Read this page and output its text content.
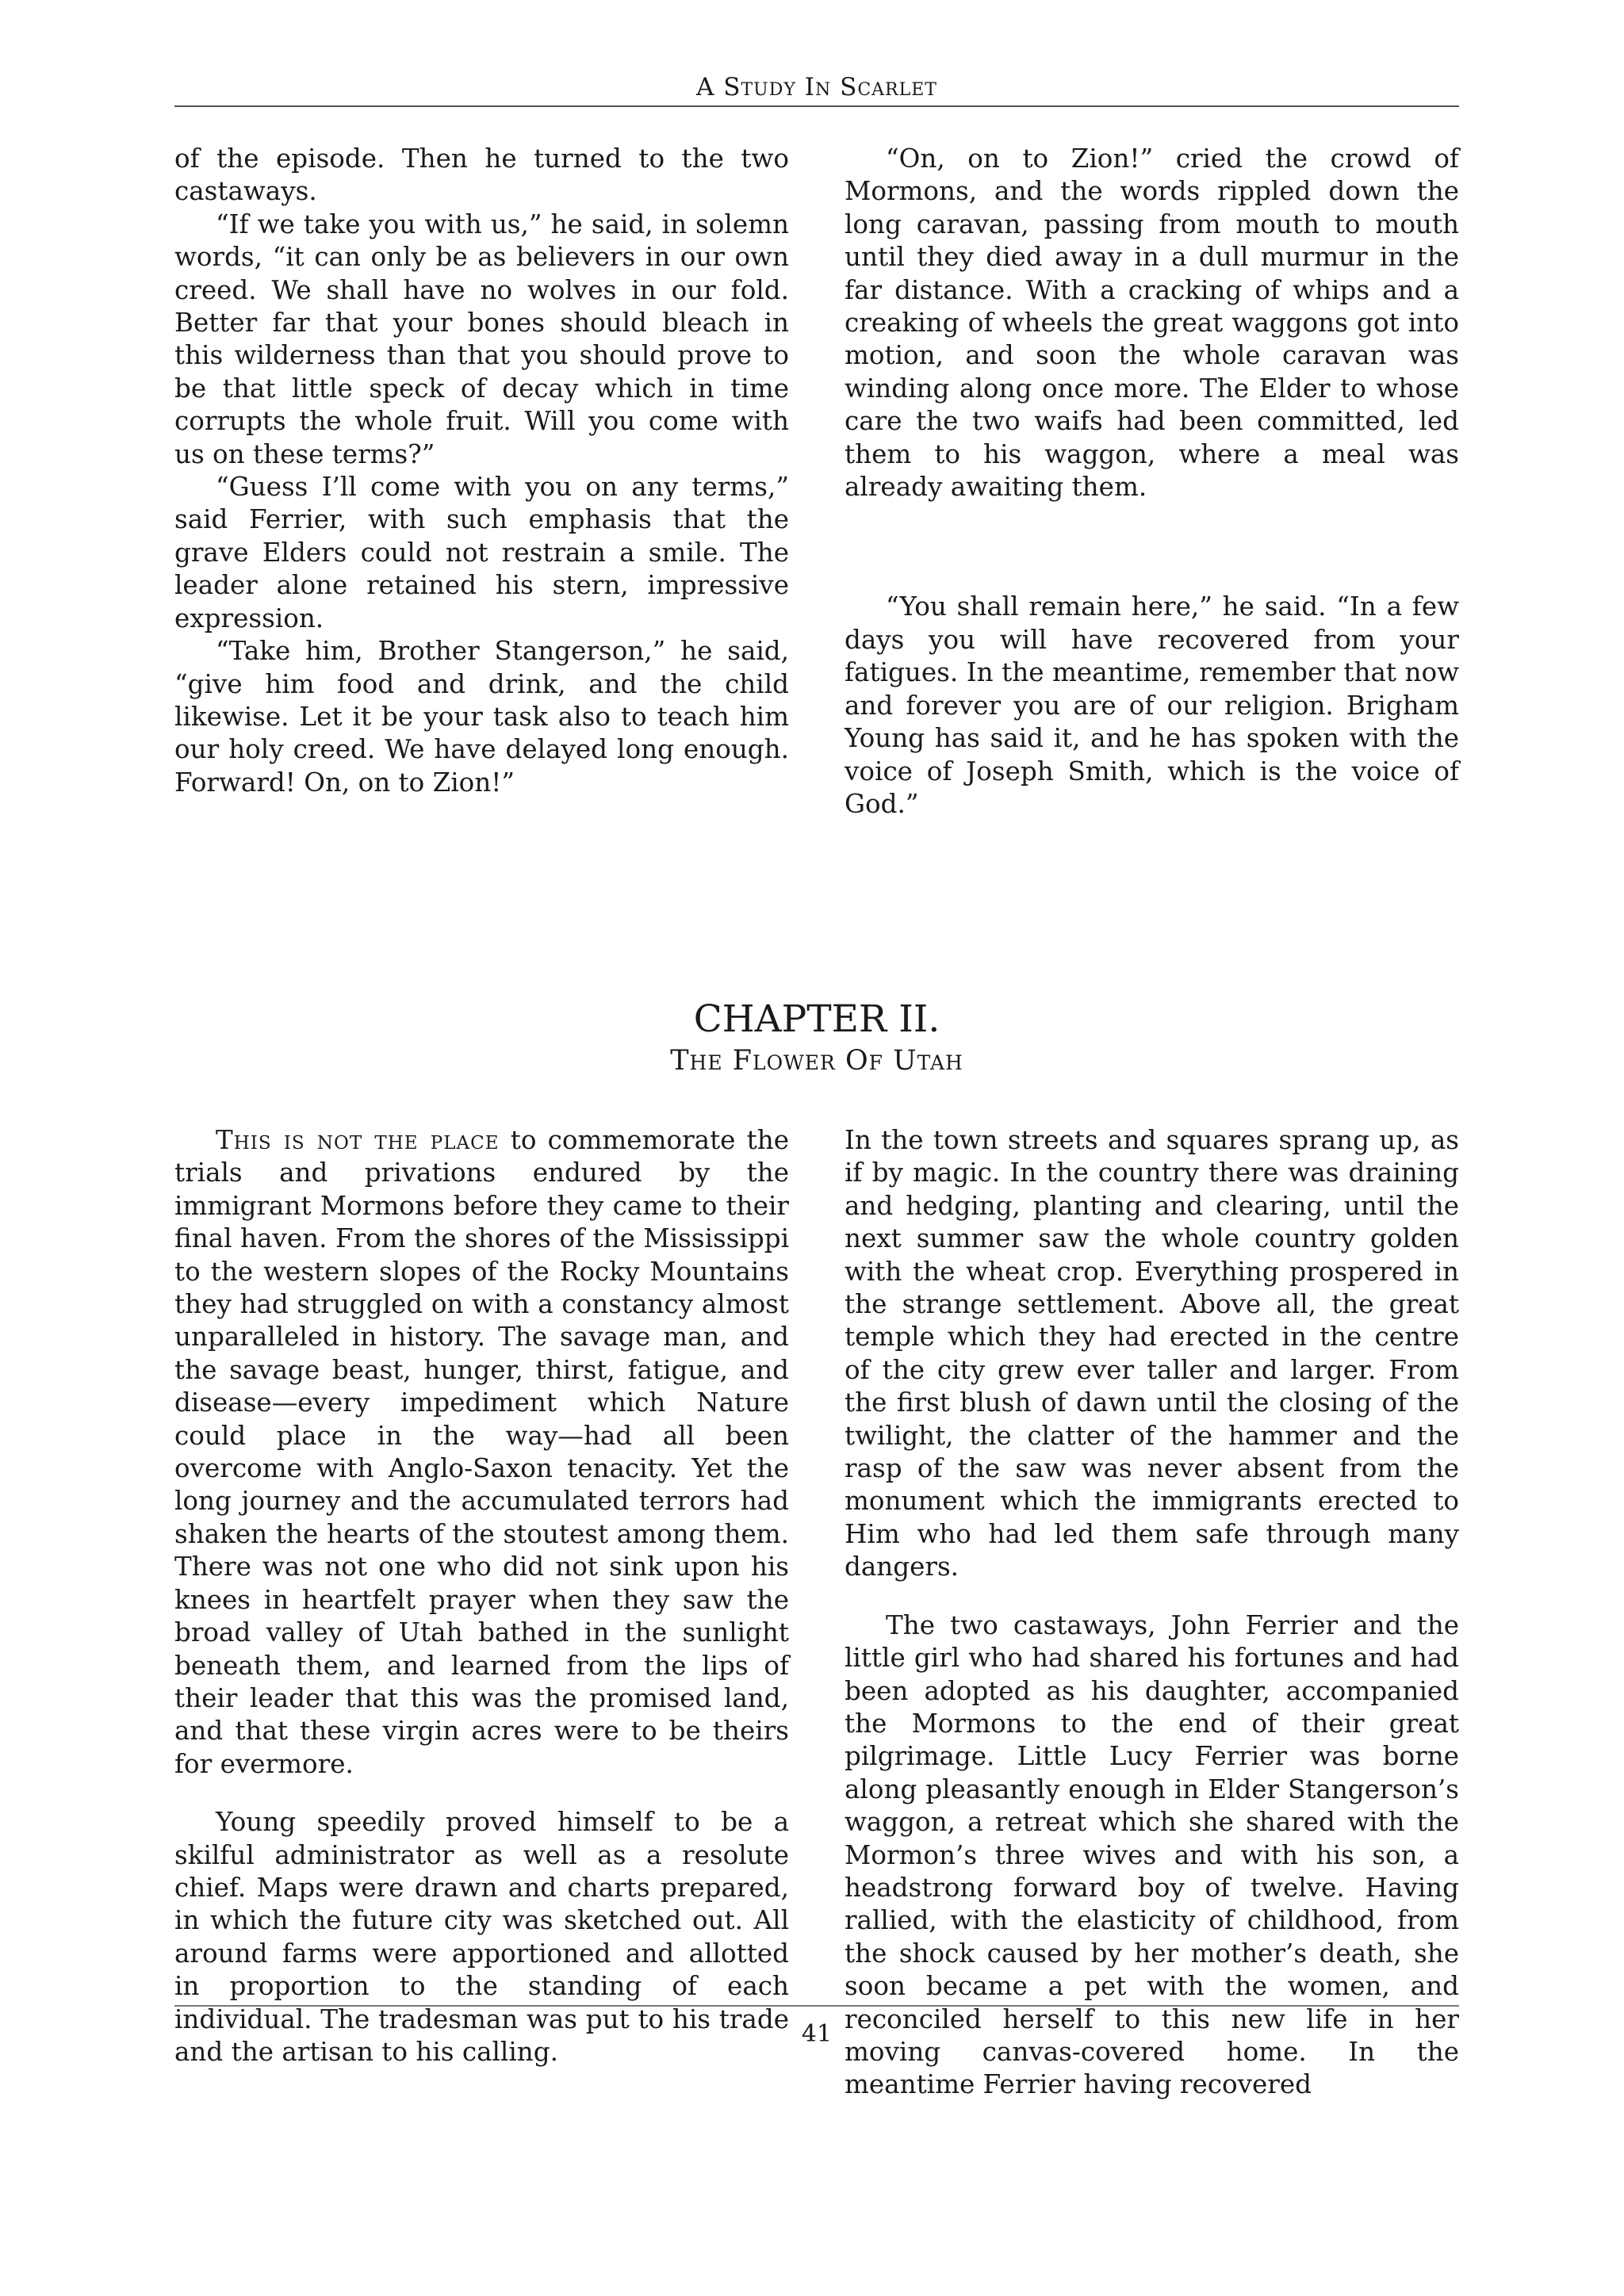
A Study In Scarlet

of the episode. Then he turned to the two castaways.

“If we take you with us,” he said, in solemn words, “it can only be as believers in our own creed. We shall have no wolves in our fold. Better far that your bones should bleach in this wilderness than that you should prove to be that little speck of decay which in time corrupts the whole fruit. Will you come with us on these terms?”

“Guess I’ll come with you on any terms,” said Ferrier, with such emphasis that the grave Elders could not restrain a smile. The leader alone retained his stern, impressive expression.

“Take him, Brother Stangerson,” he said, “give him food and drink, and the child likewise. Let it be your task also to teach him our holy creed. We have delayed long enough. Forward! On, on to Zion!”

“On, on to Zion!” cried the crowd of Mormons, and the words rippled down the long caravan, passing from mouth to mouth until they died away in a dull murmur in the far distance. With a cracking of whips and a creaking of wheels the great waggons got into motion, and soon the whole caravan was winding along once more. The Elder to whose care the two waifs had been committed, led them to his waggon, where a meal was already awaiting them.

“You shall remain here,” he said. “In a few days you will have recovered from your fatigues. In the meantime, remember that now and forever you are of our religion. Brigham Young has said it, and he has spoken with the voice of Joseph Smith, which is the voice of God.”

CHAPTER II.
The Flower Of Utah

This is not the place to commemorate the trials and privations endured by the immigrant Mormons before they came to their final haven. From the shores of the Mississippi to the western slopes of the Rocky Mountains they had struggled on with a constancy almost unparalleled in history. The savage man, and the savage beast, hunger, thirst, fatigue, and disease—every impediment which Nature could place in the way—had all been overcome with Anglo-Saxon tenacity. Yet the long journey and the accumulated terrors had shaken the hearts of the stoutest among them. There was not one who did not sink upon his knees in heartfelt prayer when they saw the broad valley of Utah bathed in the sunlight beneath them, and learned from the lips of their leader that this was the promised land, and that these virgin acres were to be theirs for evermore.

Young speedily proved himself to be a skilful administrator as well as a resolute chief. Maps were drawn and charts prepared, in which the future city was sketched out. All around farms were apportioned and allotted in proportion to the standing of each individual. The tradesman was put to his trade and the artisan to his calling.

In the town streets and squares sprang up, as if by magic. In the country there was draining and hedging, planting and clearing, until the next summer saw the whole country golden with the wheat crop. Everything prospered in the strange settlement. Above all, the great temple which they had erected in the centre of the city grew ever taller and larger. From the first blush of dawn until the closing of the twilight, the clatter of the hammer and the rasp of the saw was never absent from the monument which the immigrants erected to Him who had led them safe through many dangers.

The two castaways, John Ferrier and the little girl who had shared his fortunes and had been adopted as his daughter, accompanied the Mormons to the end of their great pilgrimage. Little Lucy Ferrier was borne along pleasantly enough in Elder Stangerson’s waggon, a retreat which she shared with the Mormon’s three wives and with his son, a headstrong forward boy of twelve. Having rallied, with the elasticity of childhood, from the shock caused by her mother’s death, she soon became a pet with the women, and reconciled herself to this new life in her moving canvas-covered home. In the meantime Ferrier having recovered

41
